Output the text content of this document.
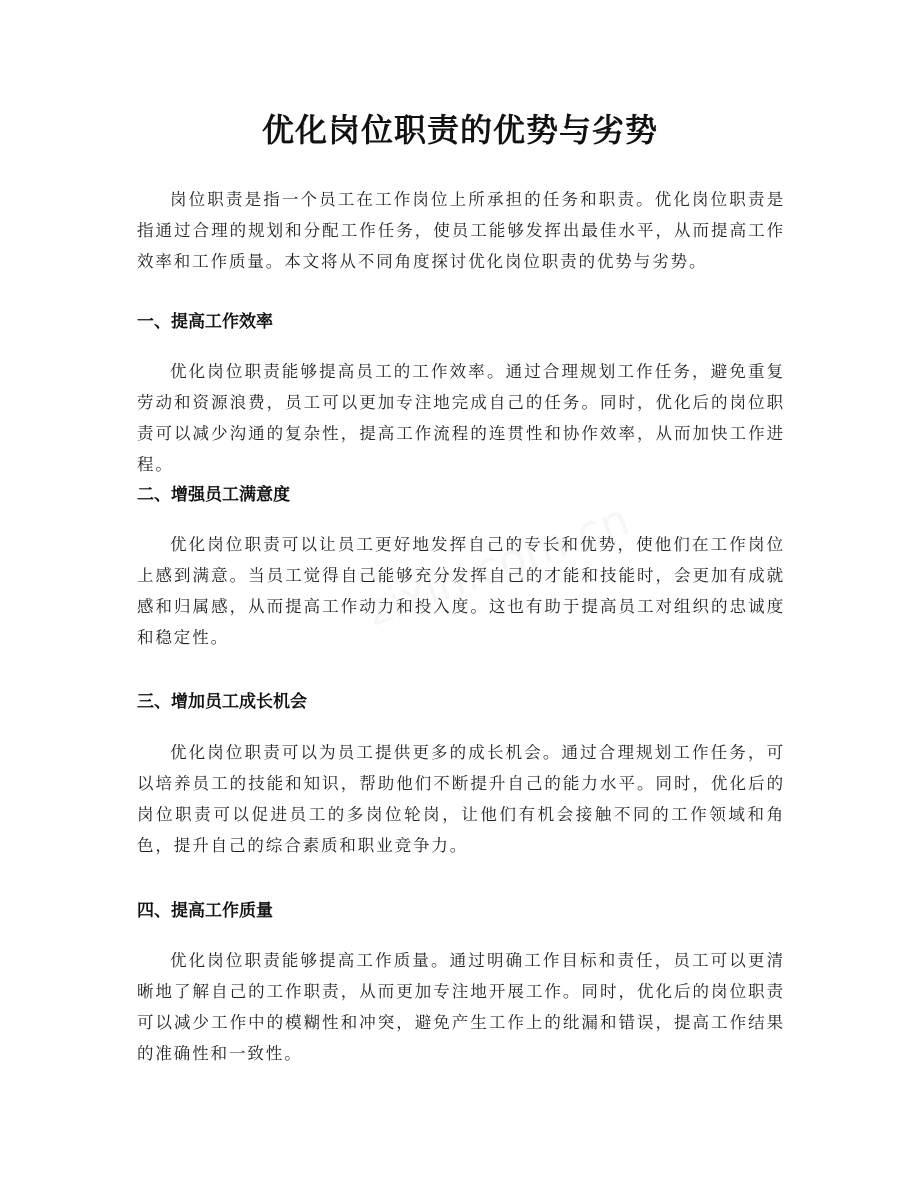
优化岗位职责的优势与劣势
岗位职责是指一个员工在工作岗位上所承担的任务和职责。优化岗位职责是指通过合理的规划和分配工作任务，使员工能够发挥出最佳水平，从而提高工作效率和工作质量。本文将从不同角度探讨优化岗位职责的优势与劣势。
一、提高工作效率
优化岗位职责能够提高员工的工作效率。通过合理规划工作任务，避免重复劳动和资源浪费，员工可以更加专注地完成自己的任务。同时，优化后的岗位职责可以减少沟通的复杂性，提高工作流程的连贯性和协作效率，从而加快工作进程。
二、增强员工满意度
优化岗位职责可以让员工更好地发挥自己的专长和优势，使他们在工作岗位上感到满意。当员工觉得自己能够充分发挥自己的才能和技能时，会更加有成就感和归属感，从而提高工作动力和投入度。这也有助于提高员工对组织的忠诚度和稳定性。
三、增加员工成长机会
优化岗位职责可以为员工提供更多的成长机会。通过合理规划工作任务，可以培养员工的技能和知识，帮助他们不断提升自己的能力水平。同时，优化后的岗位职责可以促进员工的多岗位轮岗，让他们有机会接触不同的工作领域和角色，提升自己的综合素质和职业竞争力。
四、提高工作质量
优化岗位职责能够提高工作质量。通过明确工作目标和责任，员工可以更清晰地了解自己的工作职责，从而更加专注地开展工作。同时，优化后的岗位职责可以减少工作中的模糊性和冲突，避免产生工作上的纰漏和错误，提高工作结果的准确性和一致性。
